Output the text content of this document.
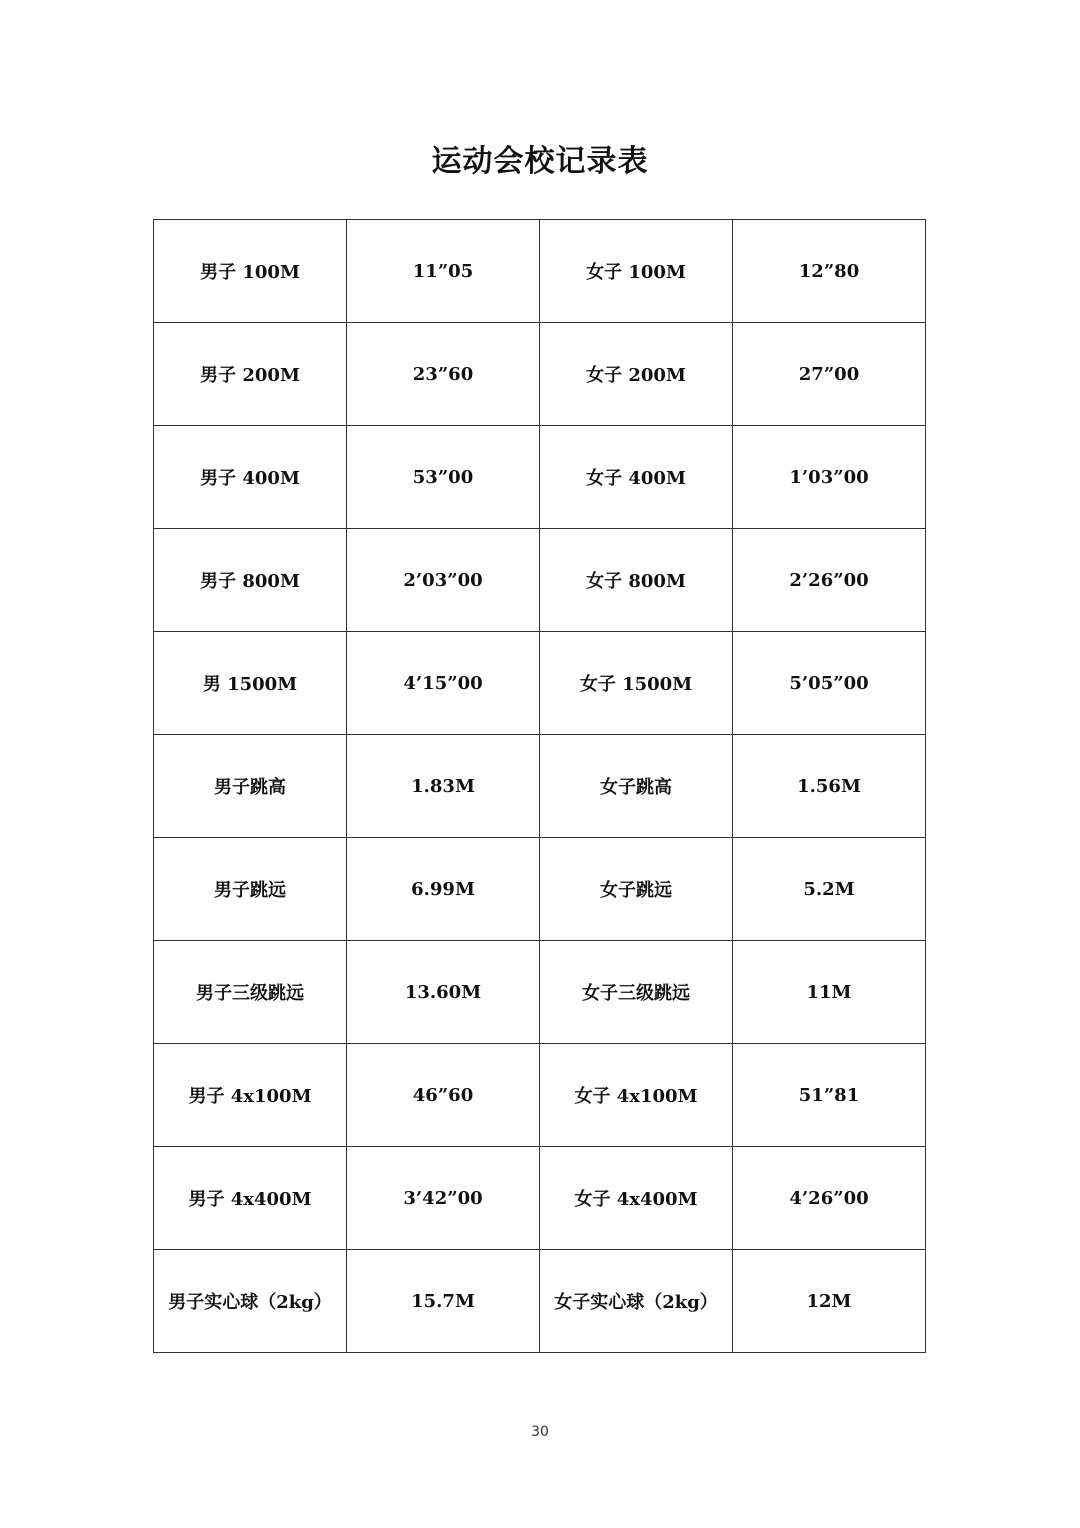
运动会校记录表
男子 100M	11”05	女子 100M	12”80
男子 200M	23”60	女子 200M	27”00
男子 400M	53”00	女子 400M	1’03”00
男子 800M	2’03”00	女子 800M	2’26”00
男 1500M	4’15”00	女子 1500M	5’05”00
男子跳高	1.83M	女子跳高	1.56M
男子跳远	6.99M	女子跳远	5.2M
男子三级跳远	13.60M	女子三级跳远	11M
男子 4x100M	46”60	女子 4x100M	51”81
男子 4x400M	3’42”00	女子 4x400M	4’26”00
男子实心球（2kg）	15.7M	女子实心球（2kg）	12M
30
